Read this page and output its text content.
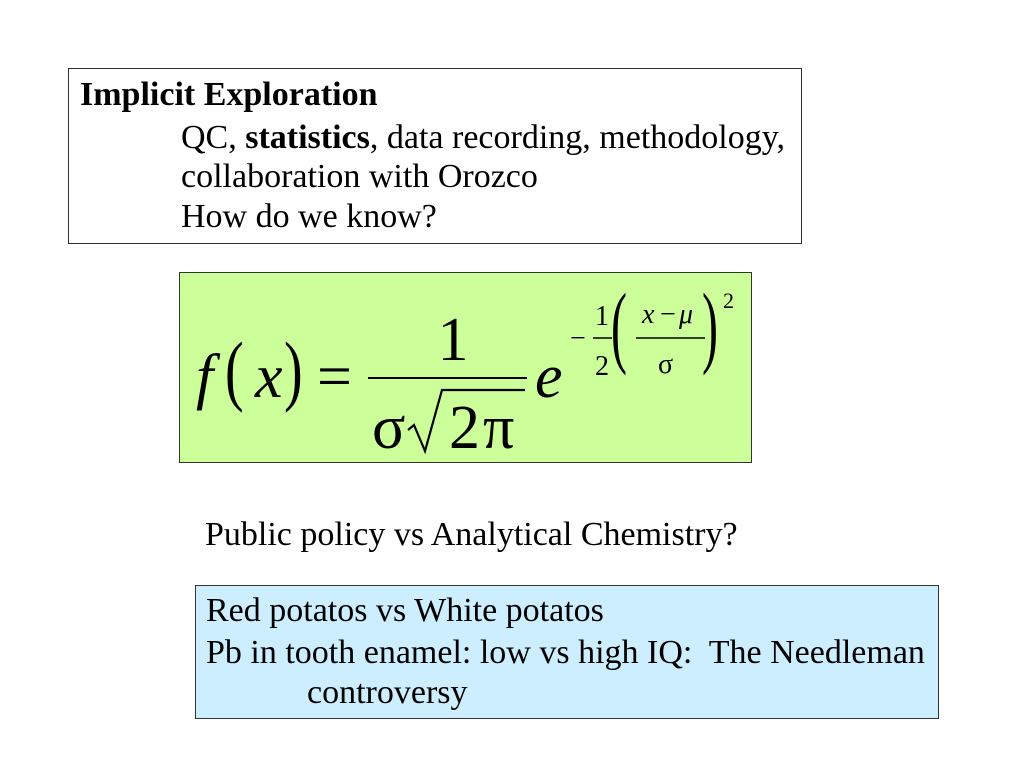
Implicit Exploration
QC, statistics, data recording, methodology,
collaboration with Orozco
How do we know?
f ( x ) =
1
σ 2 π
e
−
1
2 ( x − μ
σ ) 2
Public policy vs Analytical Chemistry?
Red potatos vs White potatos
Pb in tooth enamel: low vs high IQ:  The Needleman
controversy
